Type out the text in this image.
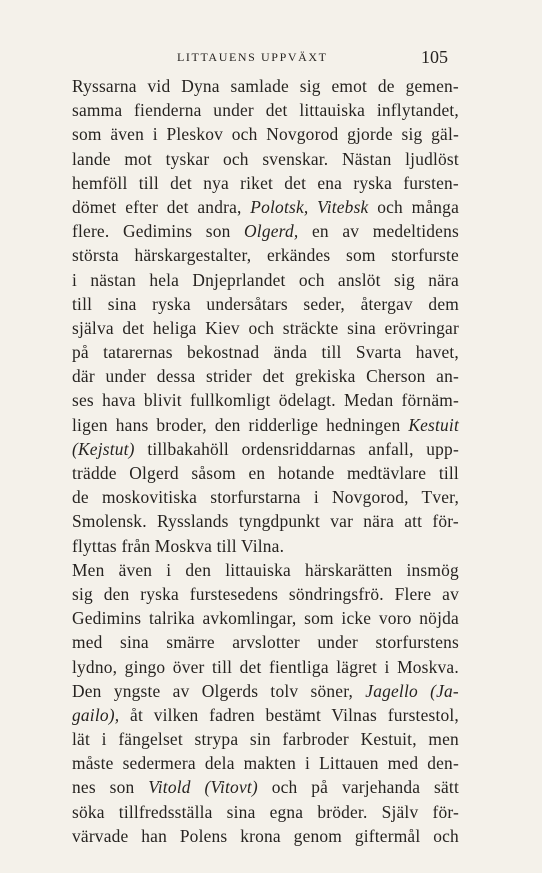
LITTAUENS UPPVÄXT	105
Ryssarna vid Dyna samlade sig emot de gemen-
samma fienderna under det littauiska inflytandet,
som även i Pleskov och Novgorod gjorde sig gäl-
lande mot tyskar och svenskar. Nästan ljudlöst
hemföll till det nya riket det ena ryska fursten-
dömet efter det andra, Polotsk, Vitebsk och många
flere. Gedimins son Olgerd, en av medeltidens
största härskargestalter, erkändes som storfurste
i nästan hela Dnjeprlandet och anslöt sig nära
till sina ryska undersåtars seder, återgav dem
själva det heliga Kiev och sträckte sina erövringar
på tatarernas bekostnad ända till Svarta havet,
där under dessa strider det grekiska Cherson an-
ses hava blivit fullkomligt ödelagt. Medan förnäm-
ligen hans broder, den ridderlige hedningen Kestuit
(Kejstut) tillbakahöll ordensriddarnas anfall, upp-
trädde Olgerd såsom en hotande medtävlare till
de moskovitiska storfurstarna i Novgorod, Tver,
Smolensk. Rysslands tyngdpunkt var nära att för-
flyttas från Moskva till Vilna.
Men även i den littauiska härskarätten insmög
sig den ryska furstesedens söndringsfrö. Flere av
Gedimins talrika avkomlingar, som icke voro nöjda
med sina smärre arvslotter under storfurstens
lydno, gingo över till det fientliga lägret i Moskva.
Den yngste av Olgerds tolv söner, Jagello (Ja-
gailo), åt vilken fadren bestämt Vilnas furstestol,
lät i fängelset strypa sin farbroder Kestuit, men
måste sedermera dela makten i Littauen med den-
nes son Vitold (Vitovt) och på varjehanda sätt
söka tillfredsställa sina egna bröder. Själv för-
värvade han Polens krona genom giftermål och
